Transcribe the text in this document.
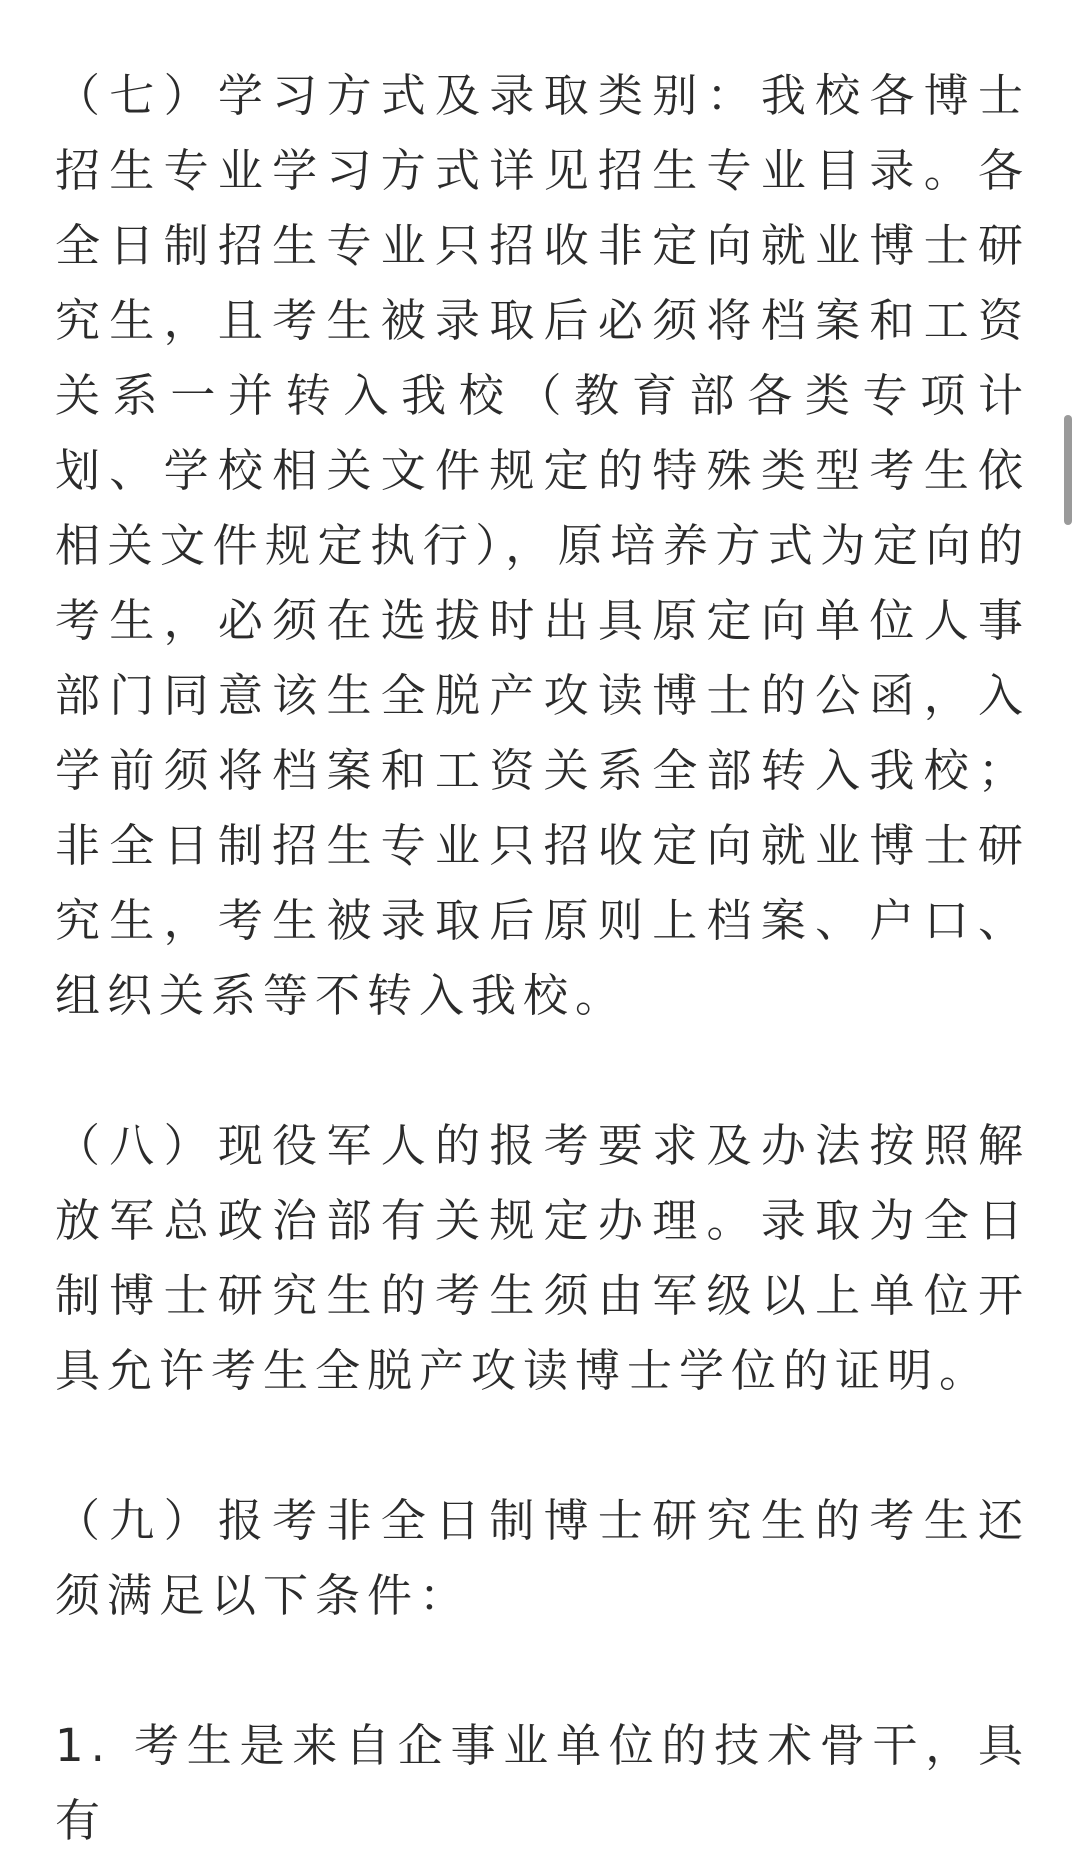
（七）学习方式及录取类别：我校各博士招生专业学习方式详见招生专业目录。各全日制招生专业只招收非定向就业博士研究生，且考生被录取后必须将档案和工资关系一并转入我校（教育部各类专项计划、学校相关文件规定的特殊类型考生依相关文件规定执行），原培养方式为定向的考生，必须在选拔时出具原定向单位人事部门同意该生全脱产攻读博士的公函，入学前须将档案和工资关系全部转入我校；非全日制招生专业只招收定向就业博士研究生，考生被录取后原则上档案、户口、组织关系等不转入我校。

（八）现役军人的报考要求及办法按照解放军总政治部有关规定办理。录取为全日制博士研究生的考生须由军级以上单位开具允许考生全脱产攻读博士学位的证明。

（九）报考非全日制博士研究生的考生还须满足以下条件：

1. 考生是来自企事业单位的技术骨干，具有
